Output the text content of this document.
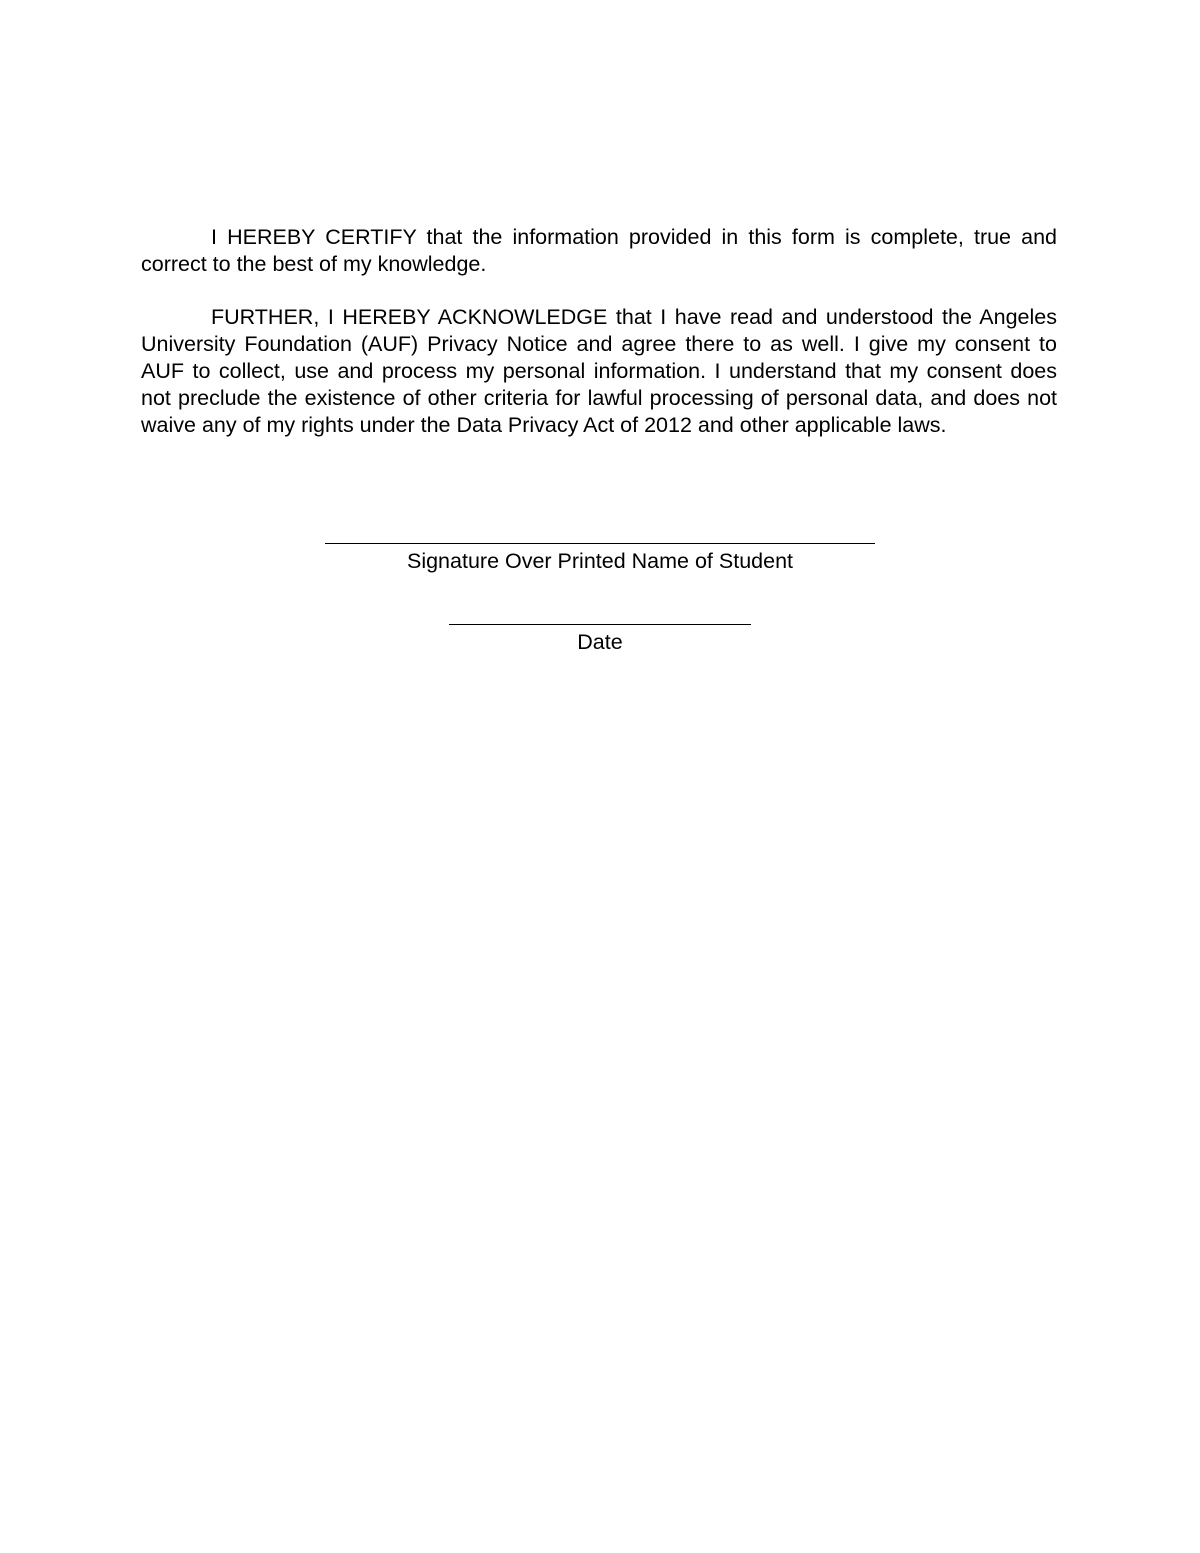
I HEREBY CERTIFY that the information provided in this form is complete, true and correct to the best of my knowledge.

FURTHER, I HEREBY ACKNOWLEDGE that I have read and understood the Angeles University Foundation (AUF) Privacy Notice and agree there to as well. I give my consent to AUF to collect, use and process my personal information. I understand that my consent does not preclude the existence of other criteria for lawful processing of personal data, and does not waive any of my rights under the Data Privacy Act of 2012 and other applicable laws.

Signature Over Printed Name of Student
Date
